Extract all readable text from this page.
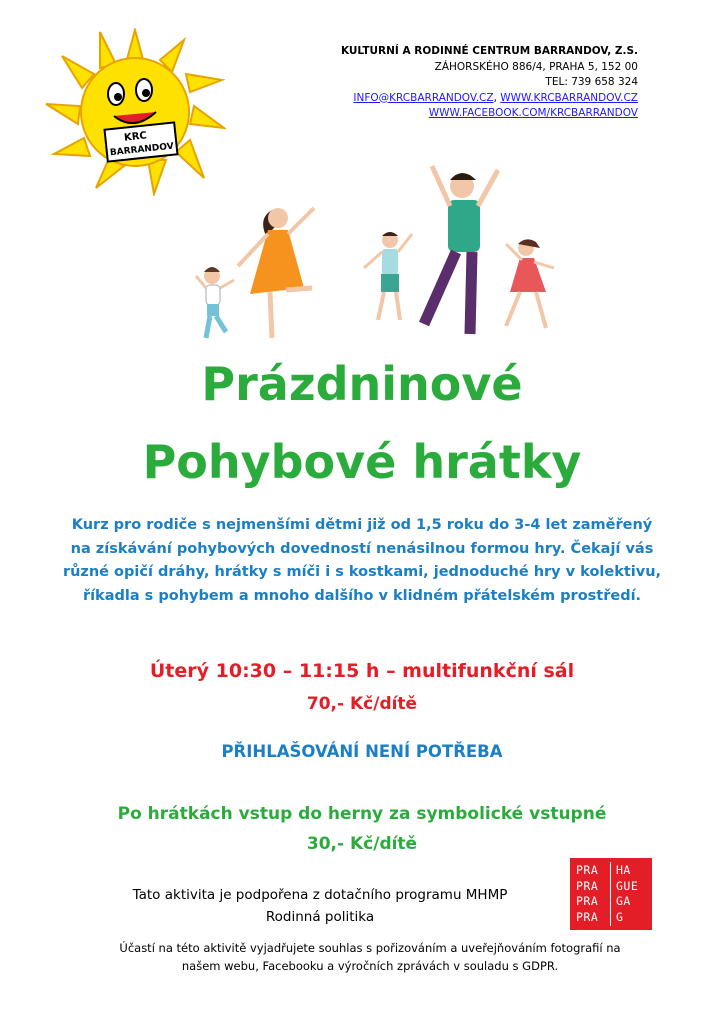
KRC
BARRANDOV
KULTURNÍ A RODINNÉ CENTRUM BARRANDOV, Z.S.
ZÁHORSKÉHO 886/4, PRAHA 5, 152 00
TEL: 739 658 324
INFO@KRCBARRANDOV.CZ, WWW.KRCBARRANDOV.CZ
WWW.FACEBOOK.COM/KRCBARRANDOV
Prázdninové
Pohybové hrátky
Kurz pro rodiče s nejmenšími dětmi již od 1,5 roku do 3-4 let zaměřený na získávání pohybových dovedností nenásilnou formou hry. Čekají vás různé opičí dráhy, hrátky s míči i s kostkami, jednoduché hry v kolektivu, říkadla s pohybem a mnoho dalšího v klidném přátelském prostředí.
Úterý 10:30 – 11:15 h – multifunkční sál
70,- Kč/dítě
PŘIHLAŠOVÁNÍ NENÍ POTŘEBA
Po hrátkách vstup do herny za symbolické vstupné
30,- Kč/dítě
Tato aktivita je podpořena z dotačního programu MHMP
Rodinná politika
PRA
PRA
PRA
PRA
HA
GUE
GA
G
Účastí na této aktivitě vyjadřujete souhlas s pořizováním a uveřejňováním fotografií na
našem webu, Facebooku a výročních zprávách v souladu s GDPR.
